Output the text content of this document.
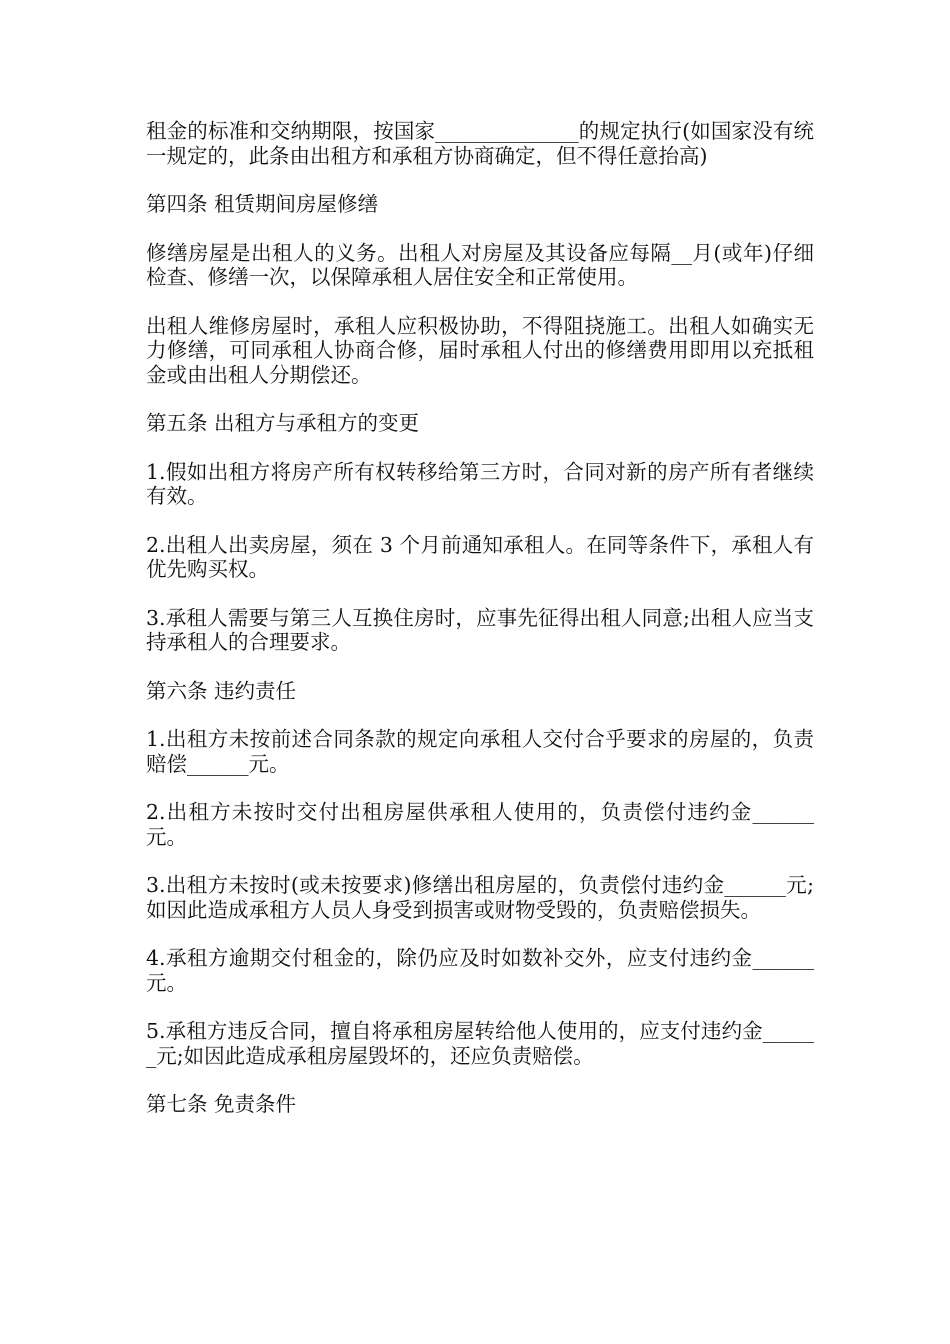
租金的标准和交纳期限，按国家______________的规定执行(如国家没有统一规定的，此条由出租方和承租方协商确定，但不得任意抬高)

第四条 租赁期间房屋修缮

修缮房屋是出租人的义务。出租人对房屋及其设备应每隔__月(或年)仔细检查、修缮一次，以保障承租人居住安全和正常使用。

出租人维修房屋时，承租人应积极协助，不得阻挠施工。出租人如确实无力修缮，可同承租人协商合修，届时承租人付出的修缮费用即用以充抵租金或由出租人分期偿还。

第五条 出租方与承租方的变更

1.假如出租方将房产所有权转移给第三方时，合同对新的房产所有者继续有效。

2.出租人出卖房屋，须在 3 个月前通知承租人。在同等条件下，承租人有优先购买权。

3.承租人需要与第三人互换住房时，应事先征得出租人同意;出租人应当支持承租人的合理要求。

第六条 违约责任

1.出租方未按前述合同条款的规定向承租人交付合乎要求的房屋的，负责赔偿______元。

2.出租方未按时交付出租房屋供承租人使用的，负责偿付违约金______元。

3.出租方未按时(或未按要求)修缮出租房屋的，负责偿付违约金______元;如因此造成承租方人员人身受到损害或财物受毁的，负责赔偿损失。

4.承租方逾期交付租金的，除仍应及时如数补交外，应支付违约金______元。

5.承租方违反合同，擅自将承租房屋转给他人使用的，应支付违约金______元;如因此造成承租房屋毁坏的，还应负责赔偿。

第七条 免责条件
